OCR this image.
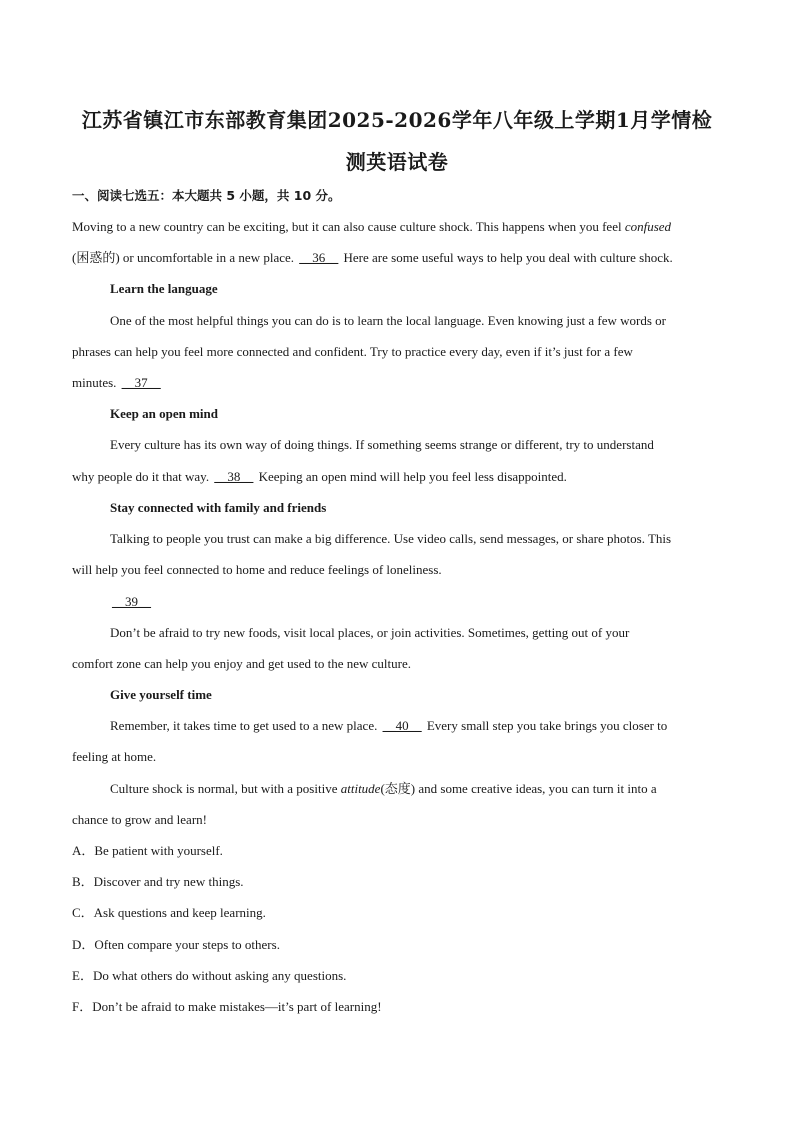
江苏省镇江市东部教育集团2025-2026学年八年级上学期1月学情检
测英语试卷
一、阅读七选五：本大题共 5 小题，共 10 分。
Moving to a new country can be exciting, but it can also cause culture shock. This happens when you feel confused
(困惑的) or uncomfortable in a new place. __36__ Here are some useful ways to help you deal with culture shock.
Learn the language
One of the most helpful things you can do is to learn the local language. Even knowing just a few words or
phrases can help you feel more connected and confident. Try to practice every day, even if it’s just for a few
minutes. __37__
Keep an open mind
Every culture has its own way of doing things. If something seems strange or different, try to understand
why people do it that way. __38__ Keeping an open mind will help you feel less disappointed.
Stay connected with family and friends
Talking to people you trust can make a big difference. Use video calls, send messages, or share photos. This
will help you feel connected to home and reduce feelings of loneliness.
__39__
Don’t be afraid to try new foods, visit local places, or join activities. Sometimes, getting out of your
comfort zone can help you enjoy and get used to the new culture.
Give yourself time
Remember, it takes time to get used to a new place. __40__ Every small step you take brings you closer to
feeling at home.
Culture shock is normal, but with a positive attitude(态度) and some creative ideas, you can turn it into a
chance to grow and learn!
A．Be patient with yourself.
B．Discover and try new things.
C．Ask questions and keep learning.
D．Often compare your steps to others.
E．Do what others do without asking any questions.
F．Don’t be afraid to make mistakes—it’s part of learning!
